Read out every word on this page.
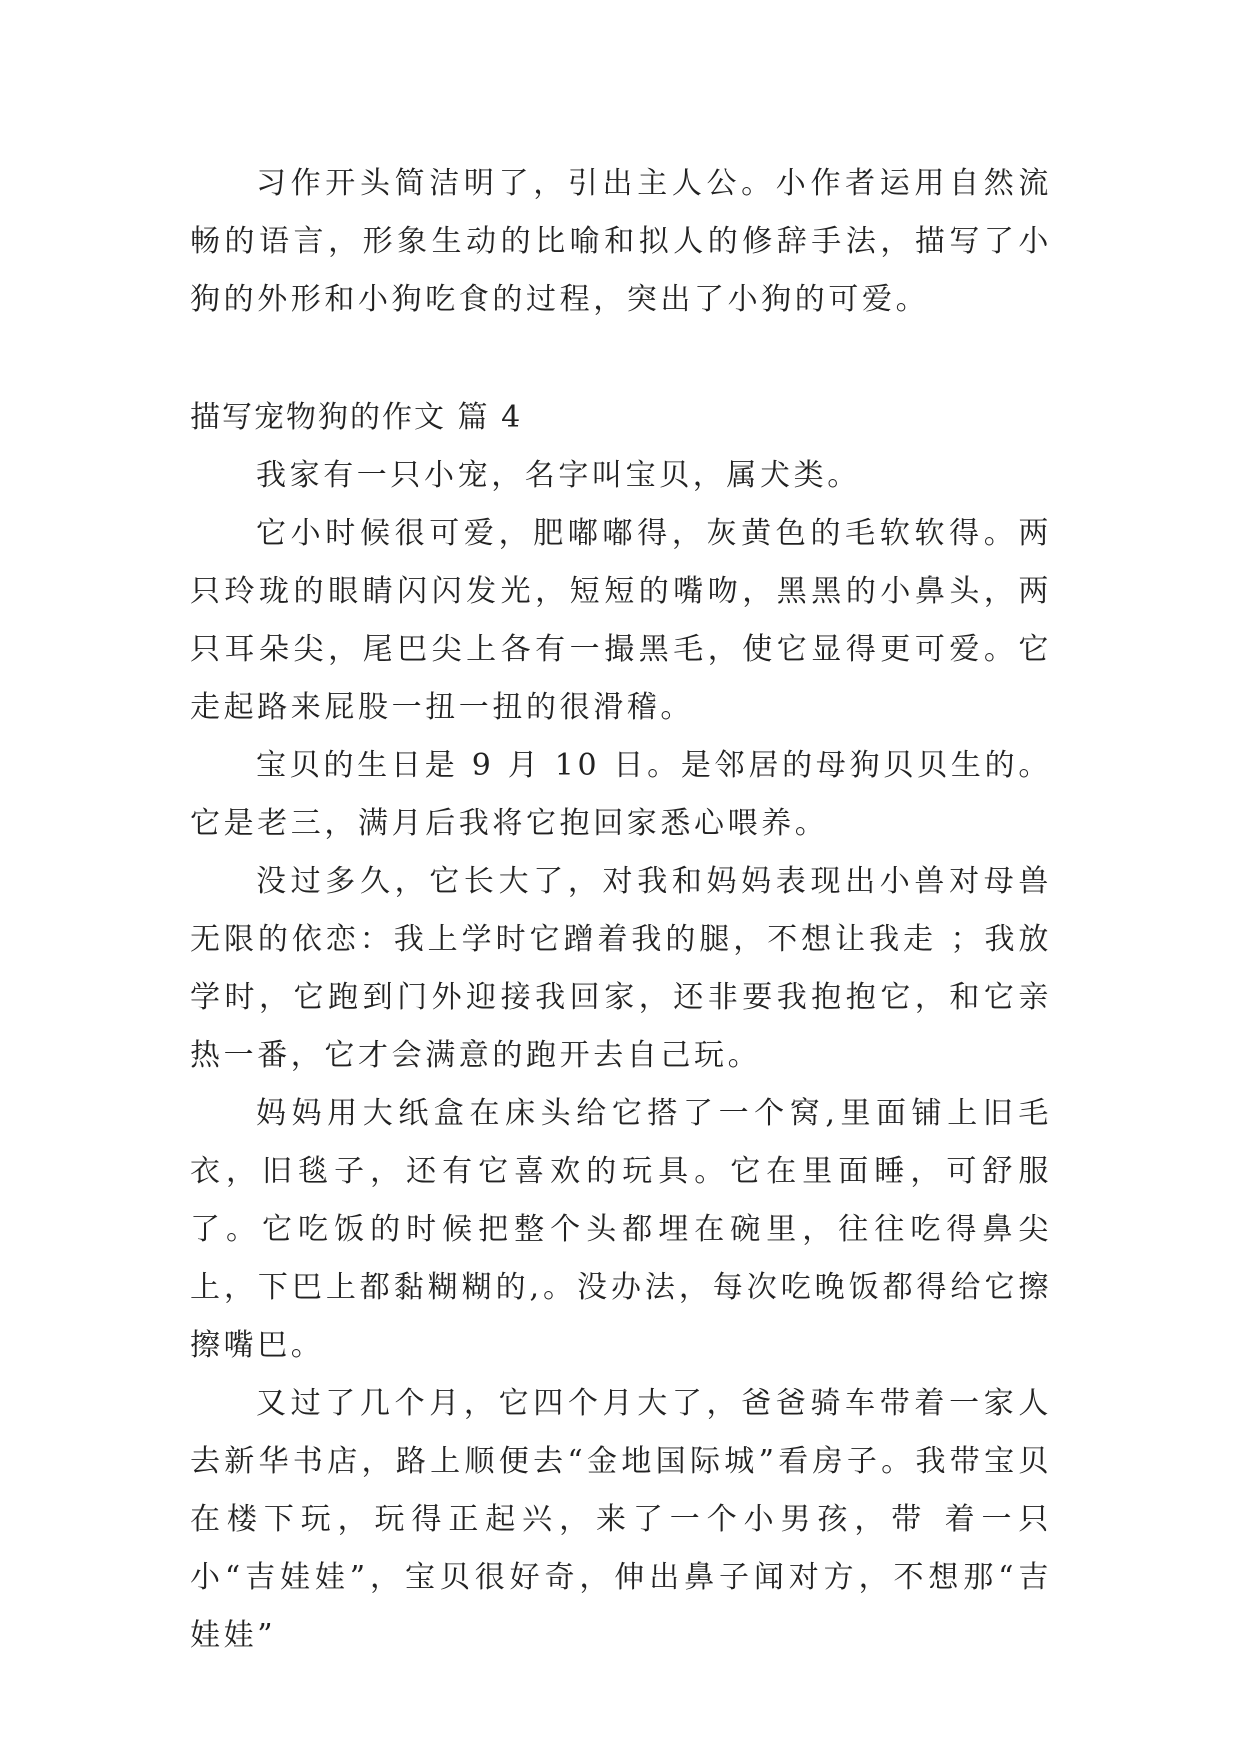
习作开头简洁明了，引出主人公。小作者运用自然流畅的语言，形象生动的比喻和拟人的修辞手法，描写了小狗的外形和小狗吃食的过程，突出了小狗的可爱。

描写宠物狗的作文 篇 4

我家有一只小宠，名字叫宝贝，属犬类。

它小时候很可爱，肥嘟嘟得，灰黄色的毛软软得。两只玲珑的眼睛闪闪发光，短短的嘴吻，黑黑的小鼻头，两只耳朵尖，尾巴尖上各有一撮黑毛，使它显得更可爱。它走起路来屁股一扭一扭的很滑稽。

宝贝的生日是 9 月 10 日。是邻居的母狗贝贝生的。它是老三，满月后我将它抱回家悉心喂养。

没过多久，它长大了，对我和妈妈表现出小兽对母兽无限的依恋：我上学时它蹭着我的腿，不想让我走 ；我放学时，它跑到门外迎接我回家，还非要我抱抱它，和它亲热一番，它才会满意的跑开去自己玩。

妈妈用大纸盒在床头给它搭了一个窝,里面铺上旧毛衣，旧毯子，还有它喜欢的玩具。它在里面睡，可舒服了。它吃饭的时候把整个头都埋在碗里，往往吃得鼻尖上，下巴上都黏糊糊的,。没办法，每次吃晚饭都得给它擦擦嘴巴。

又过了几个月，它四个月大了，爸爸骑车带着一家人去新华书店，路上顺便去“金地国际城”看房子。我带宝贝在楼下玩，玩得正起兴，来了一个小男孩，带 着一只小“吉娃娃”，宝贝很好奇，伸出鼻子闻对方，不想那“吉娃娃”
